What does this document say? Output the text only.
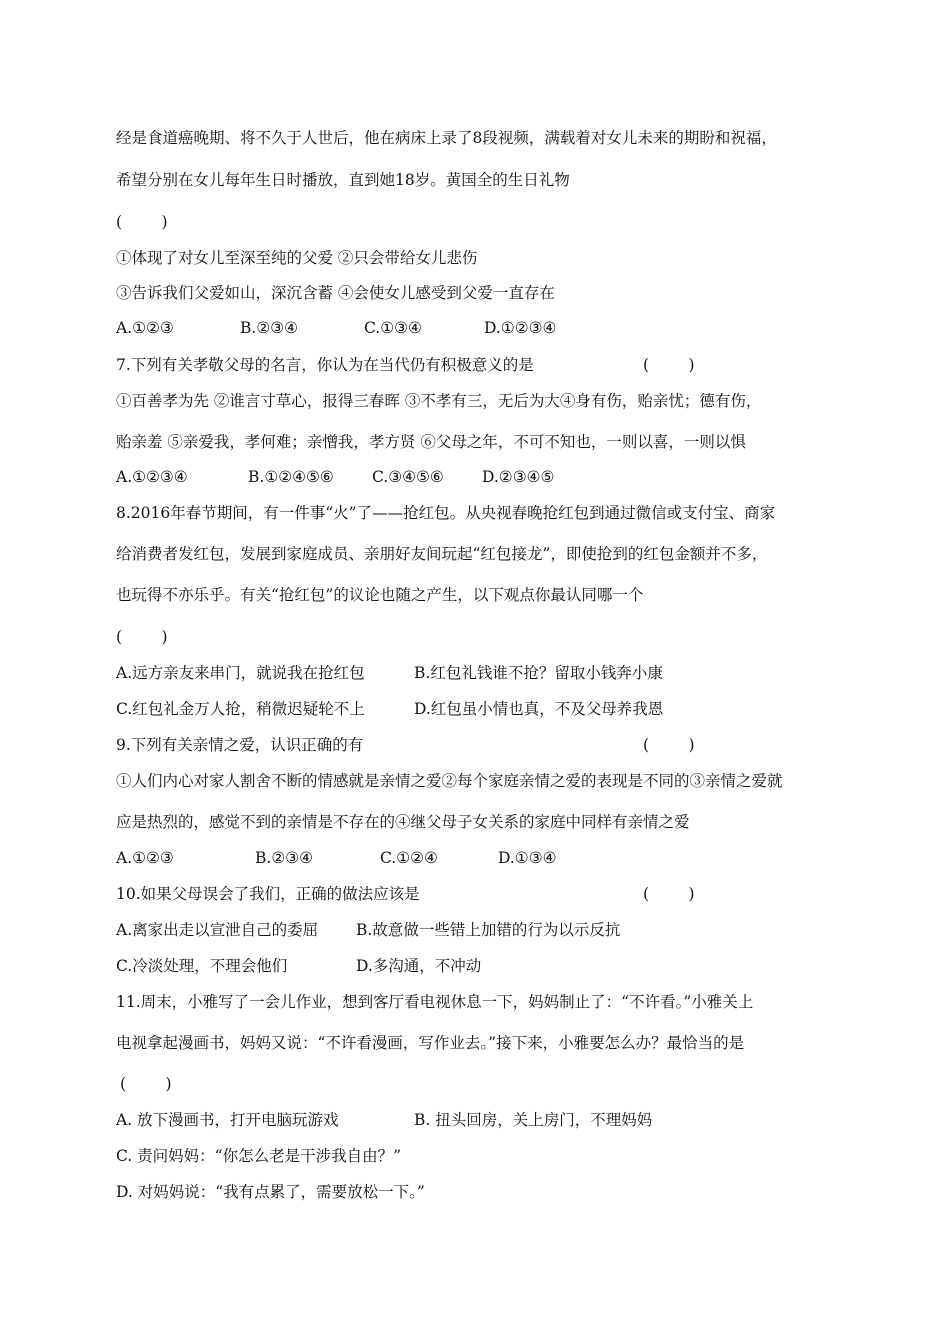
经是食道癌晚期、将不久于人世后，他在病床上录了8段视频，满载着对女儿未来的期盼和祝福，
希望分别在女儿每年生日时播放，直到她18岁。黄国全的生日礼物
(        )
①体现了对女儿至深至纯的父爱 ②只会带给女儿悲伤
③告诉我们父爱如山，深沉含蓄 ④会使女儿感受到父爱一直存在
A.①②③	B.②③④	C.①③④	D.①②③④
7.下列有关孝敬父母的名言，你认为在当代仍有积极意义的是	(        )
①百善孝为先 ②谁言寸草心，报得三春晖 ③不孝有三，无后为大④身有伤，贻亲忧；德有伤，
贻亲羞 ⑤亲爱我，孝何难；亲憎我，孝方贤 ⑥父母之年，不可不知也，一则以喜，一则以惧
A.①②③④	B.①②④⑤⑥ C.③④⑤⑥ D.②③④⑤
8.2016年春节期间，有一件事“火”了——抢红包。从央视春晚抢红包到通过微信或支付宝、商家
给消费者发红包，发展到家庭成员、亲朋好友间玩起“红包接龙”，即使抢到的红包金额并不多，
也玩得不亦乐乎。有关“抢红包”的议论也随之产生，以下观点你最认同哪一个
(        )
A.远方亲友来串门，就说我在抢红包	B.红包礼钱谁不抢？留取小钱奔小康
C.红包礼金万人抢，稍微迟疑轮不上	D.红包虽小情也真，不及父母养我恩
9.下列有关亲情之爱，认识正确的有	(        )
①人们内心对家人割舍不断的情感就是亲情之爱②每个家庭亲情之爱的表现是不同的③亲情之爱就
应是热烈的，感觉不到的亲情是不存在的④继父母子女关系的家庭中同样有亲情之爱
A.①②③	B.②③④	C.①②④	D.①③④
10.如果父母误会了我们，正确的做法应该是	(        )
A.离家出走以宣泄自己的委屈 B.故意做一些错上加错的行为以示反抗
C.冷淡处理，不理会他们	D.多沟通，不冲动
11.周末，小雅写了一会儿作业，想到客厅看电视休息一下，妈妈制止了：“不许看。”小雅关上
电视拿起漫画书，妈妈又说：“不许看漫画，写作业去。”接下来，小雅要怎么办？最恰当的是
(        )
A. 放下漫画书，打开电脑玩游戏	B. 扭头回房，关上房门，不理妈妈
C. 责问妈妈：“你怎么老是干涉我自由？”
D. 对妈妈说：“我有点累了，需要放松一下。”
